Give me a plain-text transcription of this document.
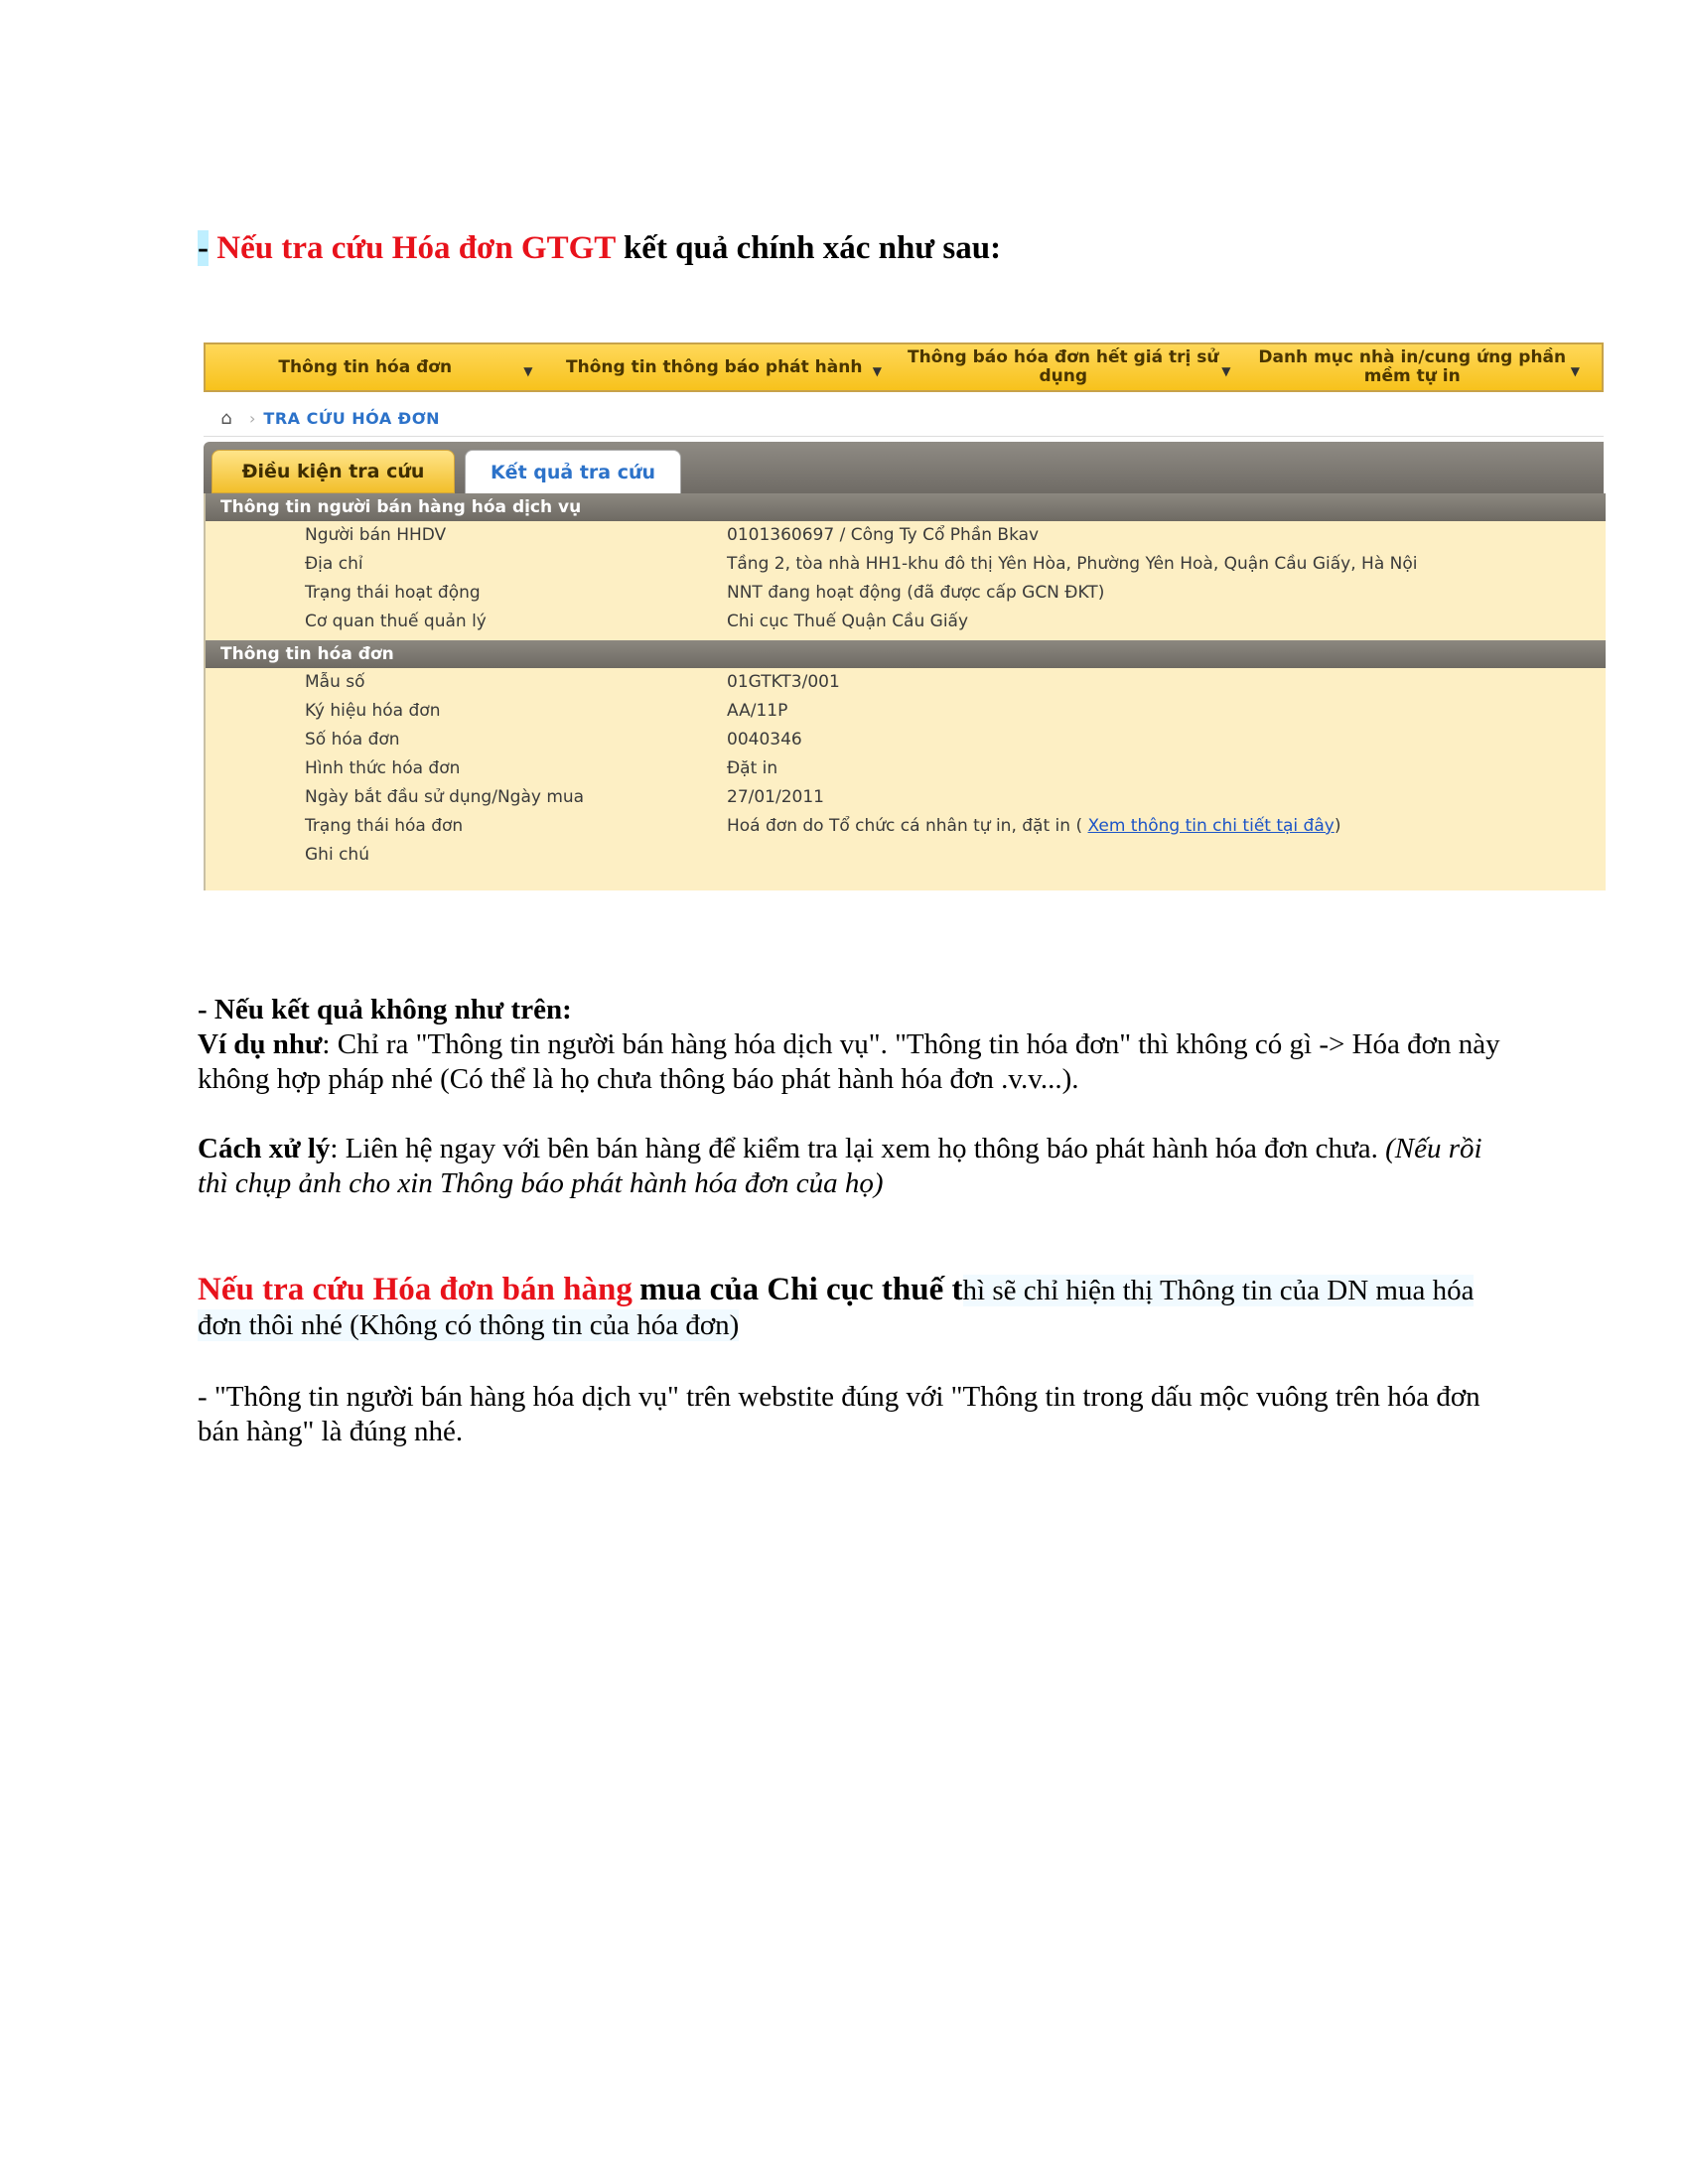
- Nếu tra cứu Hóa đơn GTGT kết quả chính xác như sau:
Thông tin hóa đơn	▼ Thông tin thông báo phát hành ▼
Thông báo hóa đơn hết giá trị sử dụng	▼
Danh mục nhà in/cung ứng phần mềm tự in	▼
⌂	› TRA CỨU HÓA ĐƠN
Điều kiện tra cứu	Kết quả tra cứu
Thông tin người bán hàng hóa dịch vụ
Người bán HHDV	0101360697 / Công Ty Cổ Phần Bkav
Địa chỉ	Tầng 2, tòa nhà HH1-khu đô thị Yên Hòa, Phường Yên Hoà, Quận Cầu Giấy, Hà Nội
Trạng thái hoạt động	NNT đang hoạt động (đã được cấp GCN ĐKT)
Cơ quan thuế quản lý	Chi cục Thuế Quận Cầu Giấy
Thông tin hóa đơn
Mẫu số	01GTKT3/001
Ký hiệu hóa đơn	AA/11P
Số hóa đơn	0040346
Hình thức hóa đơn	Đặt in
Ngày bắt đầu sử dụng/Ngày mua	27/01/2011
Trạng thái hóa đơn	Hoá đơn do Tổ chức cá nhân tự in, đặt in ( Xem thông tin chi tiết tại đây)
Ghi chú
- Nếu kết quả không như trên:
Ví dụ như: Chỉ ra "Thông tin người bán hàng hóa dịch vụ". "Thông tin hóa đơn" thì không có gì -> Hóa đơn này không hợp pháp nhé (Có thể là họ chưa thông báo phát hành hóa đơn .v.v...).
Cách xử lý: Liên hệ ngay với bên bán hàng để kiểm tra lại xem họ thông báo phát hành hóa đơn chưa. (Nếu rồi thì chụp ảnh cho xin Thông báo phát hành hóa đơn của họ)
Nếu tra cứu Hóa đơn bán hàng mua của Chi cục thuế thì sẽ chỉ hiện thị Thông tin của DN mua hóa đơn thôi nhé (Không có thông tin của hóa đơn)
- "Thông tin người bán hàng hóa dịch vụ" trên webstite đúng với "Thông tin trong dấu mộc vuông trên hóa đơn bán hàng" là đúng nhé.
